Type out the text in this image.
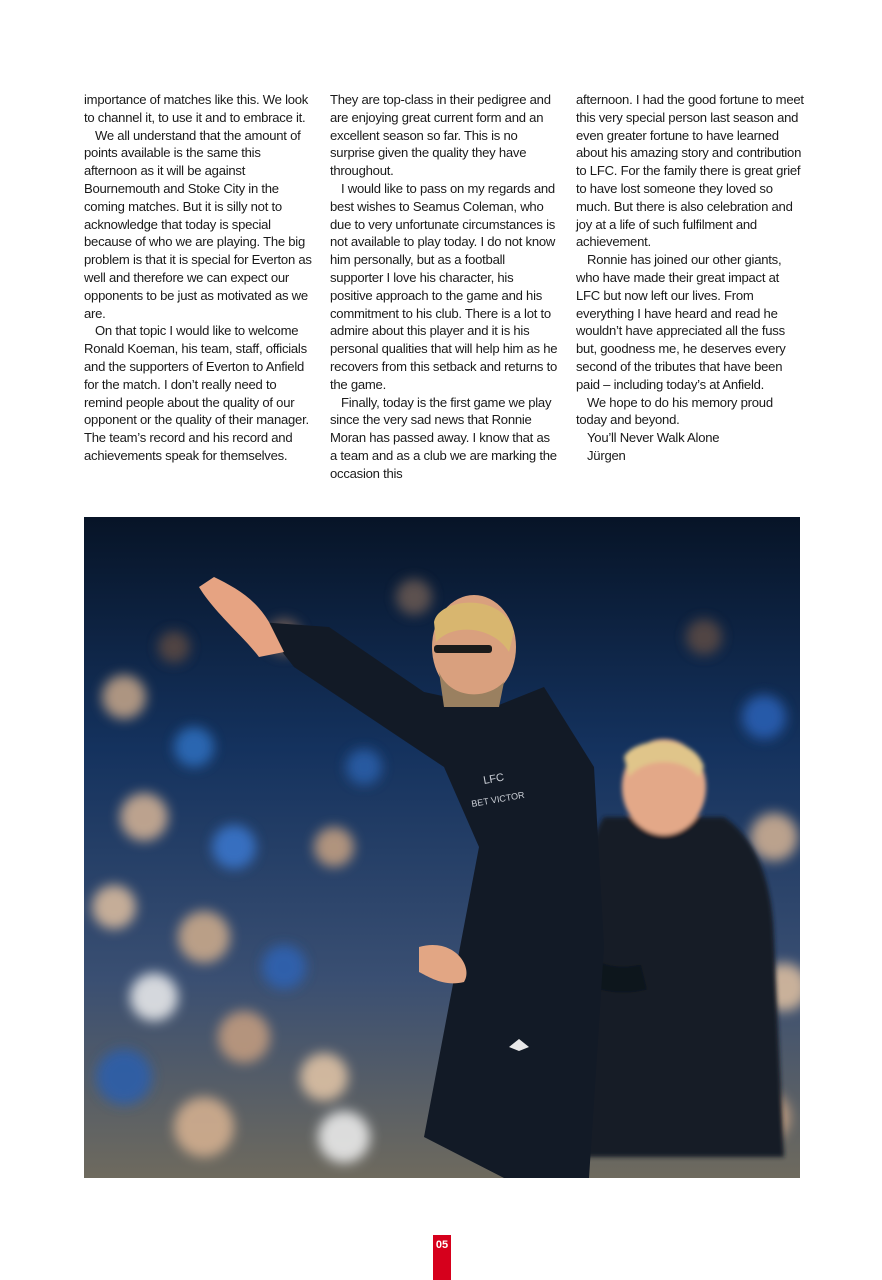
importance of matches like this. We look to channel it, to use it and to embrace it.

We all understand that the amount of points available is the same this afternoon as it will be against Bournemouth and Stoke City in the coming matches. But it is silly not to acknowledge that today is special because of who we are playing. The big problem is that it is special for Everton as well and therefore we can expect our opponents to be just as motivated as we are.

On that topic I would like to welcome Ronald Koeman, his team, staff, officials and the supporters of Everton to Anfield for the match. I don’t really need to remind people about the quality of our opponent or the quality of their manager. The team’s record and his record and achievements speak for themselves.

They are top-class in their pedigree and are enjoying great current form and an excellent season so far. This is no surprise given the quality they have throughout.

I would like to pass on my regards and best wishes to Seamus Coleman, who due to very unfortunate circumstances is not available to play today. I do not know him personally, but as a football supporter I love his character, his positive approach to the game and his commitment to his club. There is a lot to admire about this player and it is his personal qualities that will help him as he recovers from this setback and returns to the game.

Finally, today is the first game we play since the very sad news that Ronnie Moran has passed away. I know that as a team and as a club we are marking the occasion this

afternoon. I had the good fortune to meet this very special person last season and even greater fortune to have learned about his amazing story and contribution to LFC. For the family there is great grief to have lost someone they loved so much. But there is also celebration and joy at a life of such fulfilment and achievement.

Ronnie has joined our other giants, who have made their great impact at LFC but now left our lives. From everything I have heard and read he wouldn’t have appreciated all the fuss but, goodness me, he deserves every second of the tributes that have been paid – including today’s at Anfield.

We hope to do his memory proud today and beyond.

You’ll Never Walk Alone

Jürgen

LFC
BET VICTOR
05
